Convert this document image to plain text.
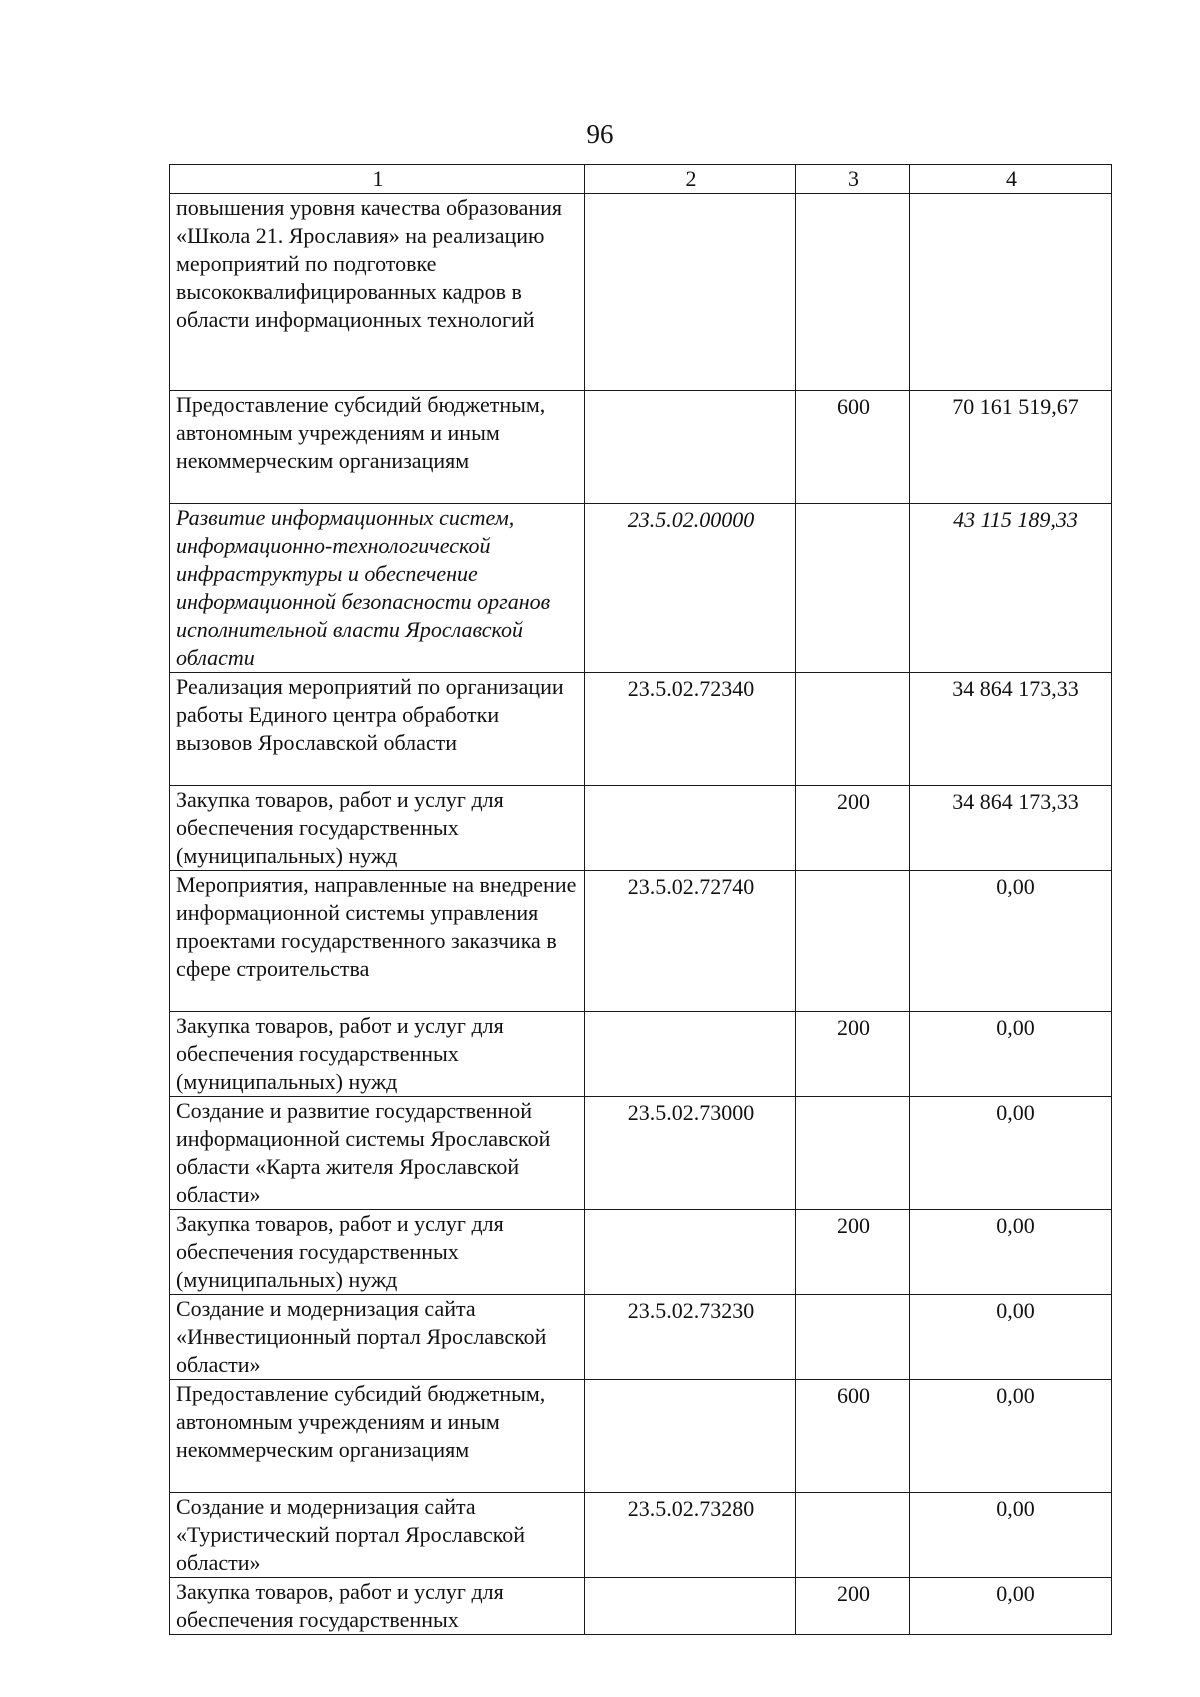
96
1	2	3	4
повышения уровня качества образования «Школа 21. Ярославия» на реализацию мероприятий по подготовке высококвалифицированных кадров в области информационных технологий			
Предоставление субсидий бюджетным, автономным учреждениям и иным некоммерческим организациям		600	70 161 519,67
Развитие информационных систем, информационно-технологической инфраструктуры и обеспечение информационной безопасности органов исполнительной власти Ярославской области	23.5.02.00000		43 115 189,33
Реализация мероприятий по организации работы Единого центра обработки вызовов Ярославской области	23.5.02.72340		34 864 173,33
Закупка товаров, работ и услуг для обеспечения государственных (муниципальных) нужд		200	34 864 173,33
Мероприятия, направленные на внедрение информационной системы управления проектами государственного заказчика в сфере строительства	23.5.02.72740		0,00
Закупка товаров, работ и услуг для обеспечения государственных (муниципальных) нужд		200	0,00
Создание и развитие государственной информационной системы Ярославской области «Карта жителя Ярославской области»	23.5.02.73000		0,00
Закупка товаров, работ и услуг для обеспечения государственных (муниципальных) нужд		200	0,00
Создание и модернизация сайта «Инвестиционный портал Ярославской области»	23.5.02.73230		0,00
Предоставление субсидий бюджетным, автономным учреждениям и иным некоммерческим организациям		600	0,00
Создание и модернизация сайта «Туристический портал Ярославской области»	23.5.02.73280		0,00
Закупка товаров, работ и услуг для обеспечения государственных		200	0,00
